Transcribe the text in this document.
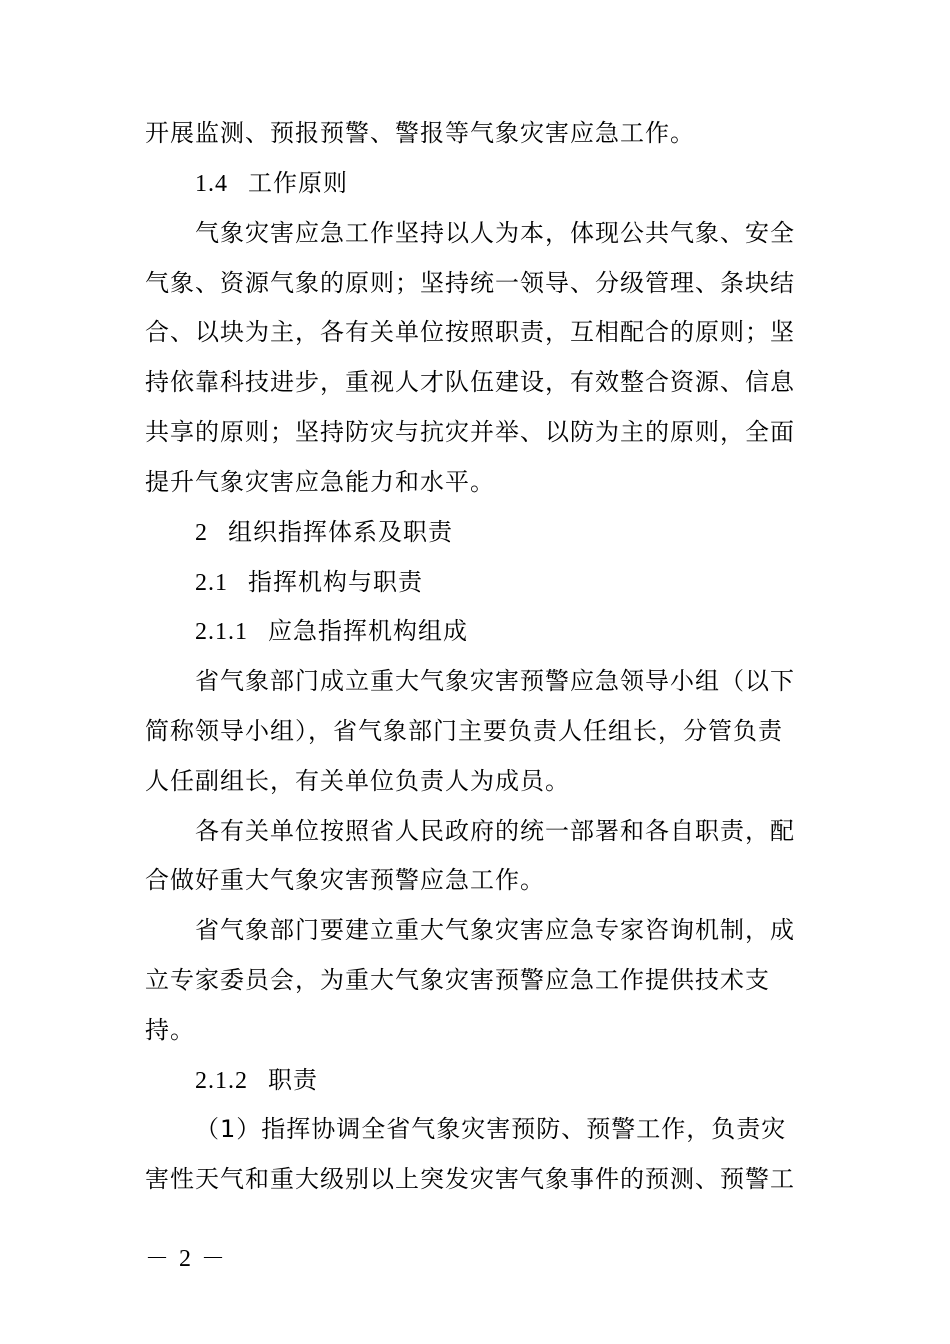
开展监测、预报预警、警报等气象灾害应急工作。
1.4 工作原则
气象灾害应急工作坚持以人为本，体现公共气象、安全
气象、资源气象的原则；坚持统一领导、分级管理、条块结
合、以块为主，各有关单位按照职责，互相配合的原则；坚
持依靠科技进步，重视人才队伍建设，有效整合资源、信息
共享的原则；坚持防灾与抗灾并举、以防为主的原则，全面
提升气象灾害应急能力和水平。
2 组织指挥体系及职责
2.1 指挥机构与职责
2.1.1 应急指挥机构组成
省气象部门成立重大气象灾害预警应急领导小组（以下
简称领导小组），省气象部门主要负责人任组长，分管负责
人任副组长，有关单位负责人为成员。
各有关单位按照省人民政府的统一部署和各自职责，配
合做好重大气象灾害预警应急工作。
省气象部门要建立重大气象灾害应急专家咨询机制，成
立专家委员会，为重大气象灾害预警应急工作提供技术支
持。
2.1.2 职责
（1）指挥协调全省气象灾害预防、预警工作，负责灾
害性天气和重大级别以上突发灾害气象事件的预测、预警工
－ 2 －
